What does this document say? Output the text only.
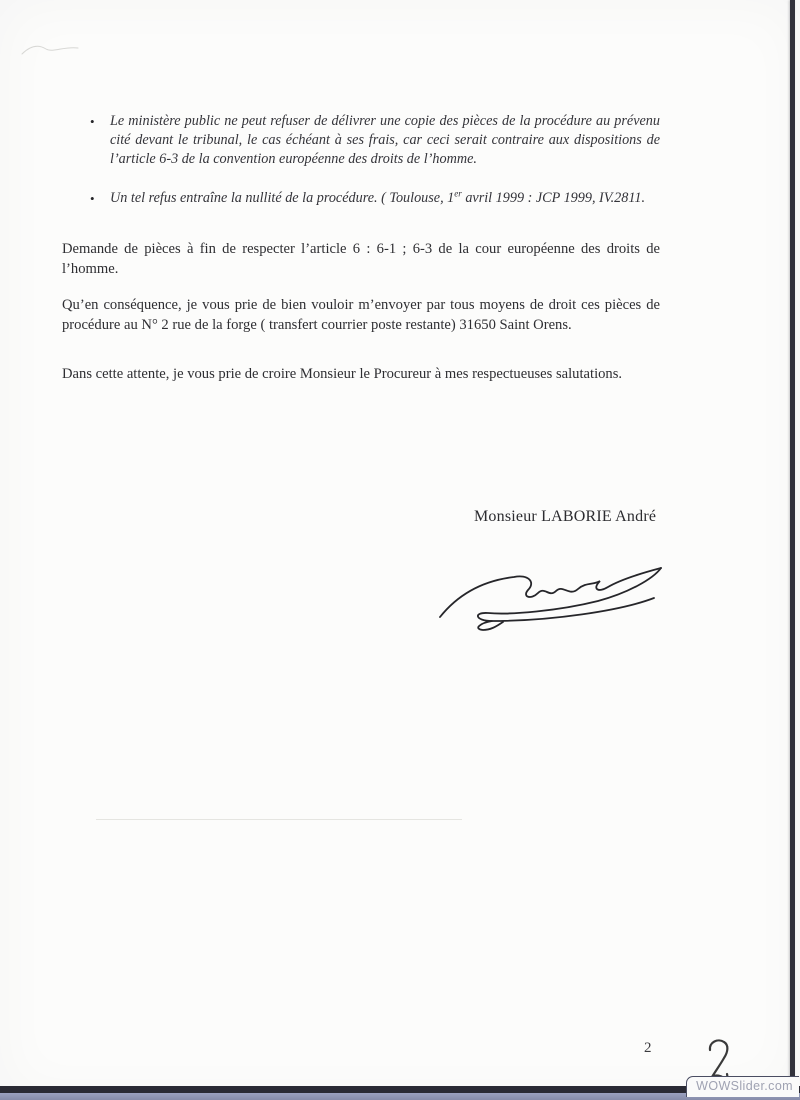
• Le ministère public ne peut refuser de délivrer une copie des pièces de la procédure au prévenu cité devant le tribunal, le cas échéant à ses frais, car ceci serait contraire aux dispositions de l’article 6-3 de la convention européenne des droits de l’homme.
• Un tel refus entraîne la nullité de la procédure. ( Toulouse, 1er avril 1999 : JCP 1999, IV.2811.

Demande de pièces à fin de respecter l’article 6 : 6-1 ; 6-3 de la cour européenne des droits de l’homme.

Qu’en conséquence, je vous prie de bien vouloir m’envoyer par tous moyens de droit ces pièces de procédure au N° 2 rue de la forge ( transfert courrier poste restante) 31650 Saint Orens.

Dans cette attente, je vous prie de croire Monsieur le Procureur à mes respectueuses salutations.

Monsieur LABORIE André
2
WOWSlider.com
